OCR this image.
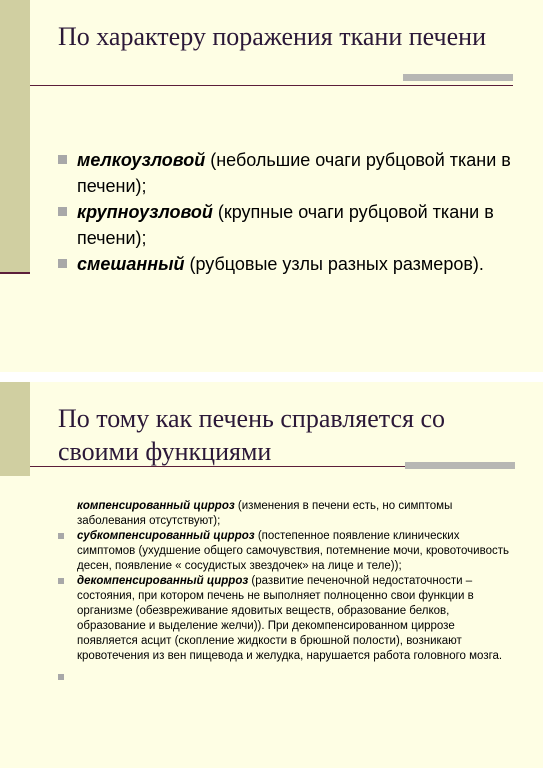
По характеру поражения ткани печени
мелкоузловой (небольшие очаги рубцовой ткани в печени);
крупноузловой (крупные очаги рубцовой ткани в печени);
смешанный (рубцовые узлы разных размеров).
По тому как печень справляется со своими функциями
компенсированный цирроз (изменения в печени есть, но симптомы заболевания отсутствуют);
субкомпенсированный цирроз (постепенное появление клинических симптомов (ухудшение общего самочувствия, потемнение мочи, кровоточивость десен, появление « сосудистых звездочек» на лице и теле));
декомпенсированный цирроз (развитие печеночной недостаточности – состояния, при котором печень не выполняет полноценно свои функции в организме (обезвреживание ядовитых веществ, образование белков, образование и выделение желчи)). При декомпенсированном циррозе появляется асцит (скопление жидкости в брюшной полости), возникают кровотечения из вен пищевода и желудка, нарушается работа головного мозга.
